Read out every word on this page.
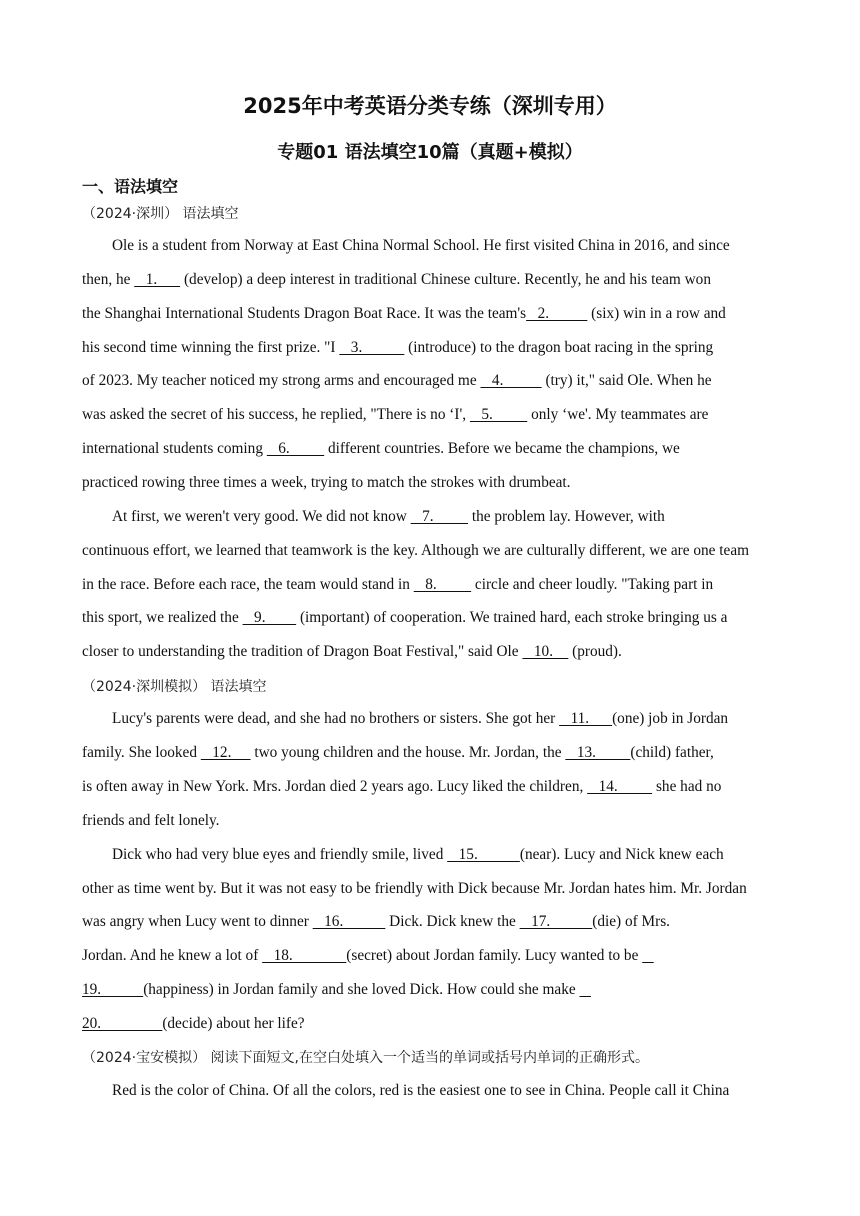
2025年中考英语分类专练（深圳专用）
专题01 语法填空10篇（真题+模拟）
一、语法填空
（2024·深圳） 语法填空
Ole is a student from Norway at East China Normal School. He first visited China in 2016, and since
then, he    1.       (develop) a deep interest in traditional Chinese culture. Recently, he and his team won
the Shanghai International Students Dragon Boat Race. It was the team's   2.           (six) win in a row and
his second time winning the first prize. "I    3.            (introduce) to the dragon boat racing in the spring
of 2023. My teacher noticed my strong arms and encouraged me    4.           (try) it," said Ole. When he
was asked the secret of his success, he replied, "There is no ‘I',    5.          only ‘we'. My teammates are
international students coming    6.          different countries. Before we became the champions, we
practiced rowing three times a week, trying to match the strokes with drumbeat.
At first, we weren't very good. We did not know    7.          the problem lay. However, with
continuous effort, we learned that teamwork is the key. Although we are culturally different, we are one team
in the race. Before each race, the team would stand in    8.          circle and cheer loudly. "Taking part in
this sport, we realized the    9.         (important) of cooperation. We trained hard, each stroke bringing us a
closer to understanding the tradition of Dragon Boat Festival," said Ole    10.     (proud).
（2024·深圳模拟） 语法填空
Lucy's parents were dead, and she had no brothers or sisters. She got her    11.      (one) job in Jordan
family. She looked    12.      two young children and the house. Mr. Jordan, the    13.         (child) father,
is often away in New York. Mrs. Jordan died 2 years ago. Lucy liked the children,    14.          she had no
friends and felt lonely.
Dick who had very blue eyes and friendly smile, lived    15.           (near). Lucy and Nick knew each
other as time went by. But it was not easy to be friendly with Dick because Mr. Jordan hates him. Mr. Jordan
was angry when Lucy went to dinner    16.            Dick. Dick knew the    17.           (die) of Mrs.
Jordan. And he knew a lot of    18.              (secret) about Jordan family. Lucy wanted to be
19.           (happiness) in Jordan family and she loved Dick. How could she make
20.                (decide) about her life?
（2024·宝安模拟） 阅读下面短文,在空白处填入一个适当的单词或括号内单词的正确形式。
Red is the color of China. Of all the colors, red is the easiest one to see in China. People call it China
